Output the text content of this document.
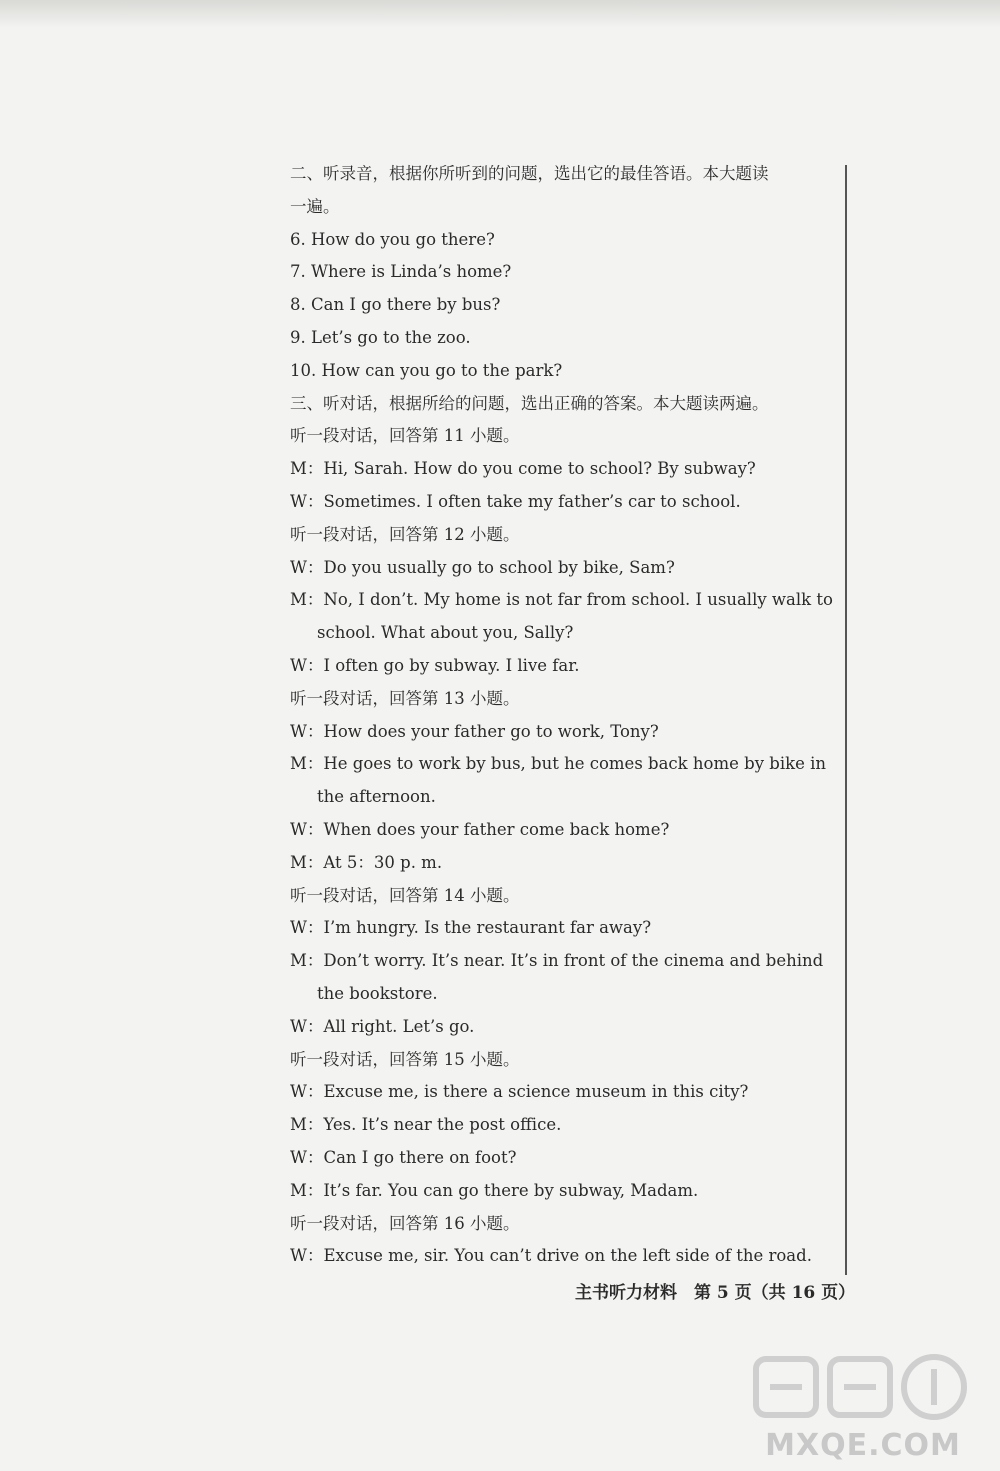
二、听录音，根据你所听到的问题，选出它的最佳答语。本大题读
一遍。
6. How do you go there?
7. Where is Linda’s home?
8. Can I go there by bus?
9. Let’s go to the zoo.
10. How can you go to the park?
三、听对话，根据所给的问题，选出正确的答案。本大题读两遍。
听一段对话，回答第 11 小题。
M：Hi, Sarah. How do you come to school? By subway?
W：Sometimes. I often take my father’s car to school.
听一段对话，回答第 12 小题。
W：Do you usually go to school by bike, Sam?
M：No, I don’t. My home is not far from school. I usually walk to
school. What about you, Sally?
W：I often go by subway. I live far.
听一段对话，回答第 13 小题。
W：How does your father go to work, Tony?
M：He goes to work by bus, but he comes back home by bike in
the afternoon.
W：When does your father come back home?
M：At 5：30 p. m.
听一段对话，回答第 14 小题。
W：I’m hungry. Is the restaurant far away?
M：Don’t worry. It’s near. It’s in front of the cinema and behind
the bookstore.
W：All right. Let’s go.
听一段对话，回答第 15 小题。
W：Excuse me, is there a science museum in this city?
M：Yes. It’s near the post office.
W：Can I go there on foot?
M：It’s far. You can go there by subway, Madam.
听一段对话，回答第 16 小题。
W：Excuse me, sir. You can’t drive on the left side of the road.
主书听力材料　第 5 页（共 16 页）
MXQE.COM
